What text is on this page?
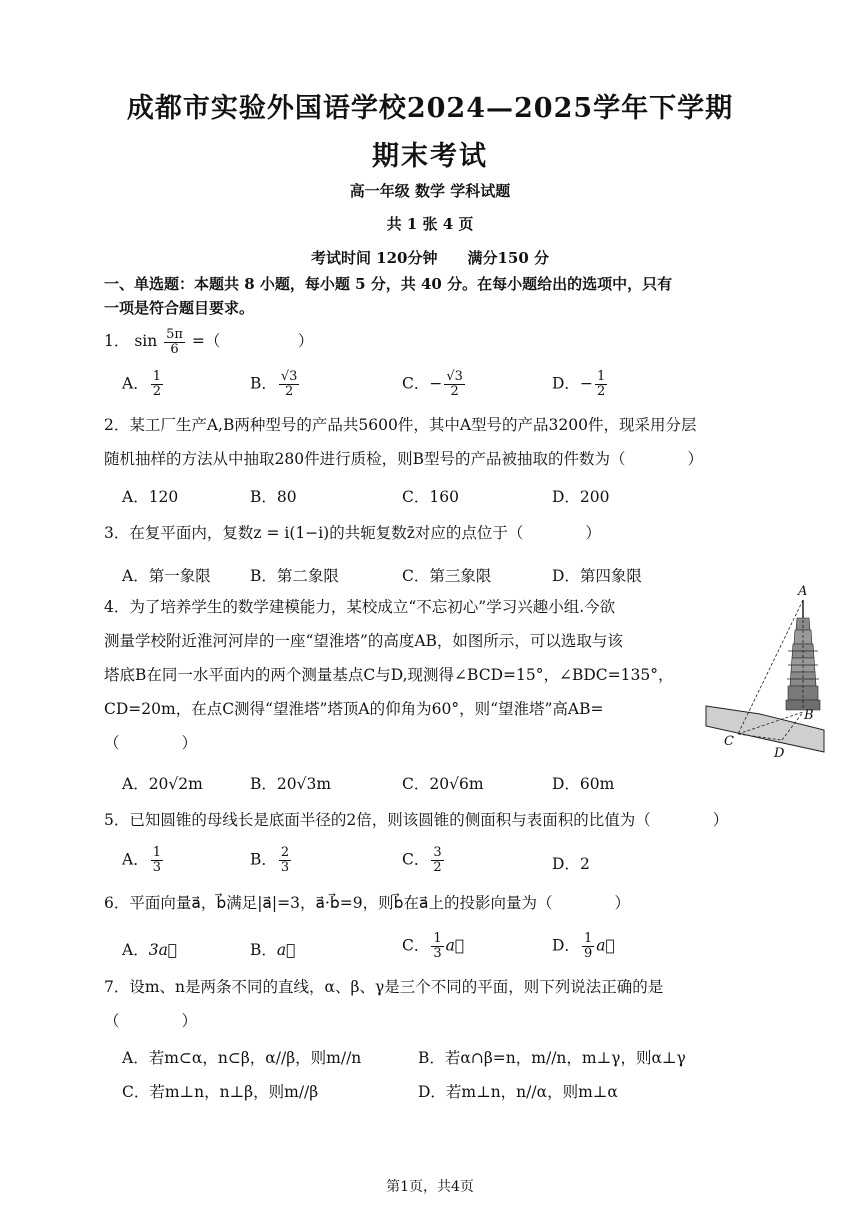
成都市实验外国语学校2024—2025学年下学期
期末考试
高一年级 数学 学科试题
共 1 张 4 页
考试时间 120分钟　　满分150 分
一、单选题：本题共 8 小题，每小题 5 分，共 40 分。在每小题给出的选项中，只有
一项是符合题目要求。
1． $\sin \frac{5\pi}{6}$ =（　　　　　）
A． $\frac{1}{2}$	B． $\frac{√3}{2}$	C．− $\frac{√3}{2}$	D．− $\frac{1}{2}$
2．某工厂生产A,B两种型号的产品共5600件，其中A型号的产品3200件，现采用分层
随机抽样的方法从中抽取280件进行质检，则B型号的产品被抽取的件数为（　　　　）
A．120	B．80	C．160	D．200
3．在复平面内，复数z = i(1−i)的共轭复数z̄对应的点位于（　　　　）
A．第一象限	B．第二象限	C．第三象限	D．第四象限
4．为了培养学生的数学建模能力，某校成立“不忘初心”学习兴趣小组.今欲
测量学校附近淮河河岸的一座“望淮塔”的高度AB，如图所示，可以选取与该
塔底B在同一水平面内的两个测量基点C与D,现测得∠BCD=15°，∠BDC=135°，
CD=20m，在点C测得“望淮塔”塔顶A的仰角为60°，则“望淮塔”高AB=
（　　　　）
A．20√2m	B．20√3m	C．20√6m	D．60m
A
B
C
D
5．已知圆锥的母线长是底面半径的2倍，则该圆锥的侧面积与表面积的比值为（　　　　）
A． $\frac{1}{3}$	B． $\frac{2}{3}$	C． $\frac{3}{2}$	D．2
6．平面向量a⃗，b⃗满足|a⃗|=3，a⃗·b⃗=9，则b⃗在a⃗上的投影向量为（　　　　）
A．3a⃗	B．a⃗	C． $\frac{1}{3}$ a⃗	D． $\frac{1}{9}$ a⃗
7．设m、n是两条不同的直线，α、β、γ是三个不同的平面，则下列说法正确的是
（　　　　）
A．若m⊂α，n⊂β，α//β，则m//n	B．若α∩β=n，m//n，m⊥γ，则α⊥γ
C．若m⊥n，n⊥β，则m//β	D．若m⊥n，n//α，则m⊥α
第1页，共4页
